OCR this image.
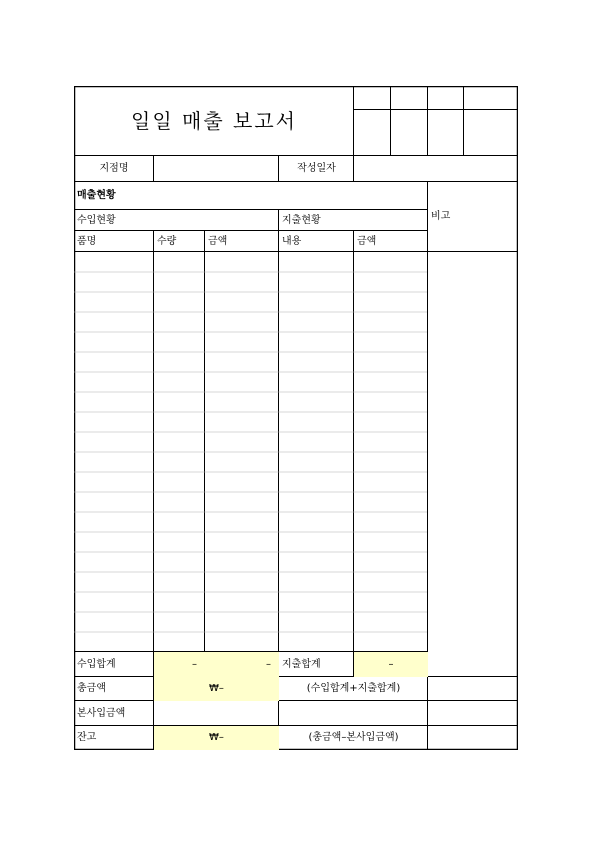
일일 매출 보고서
지점명	작성일자
매출현황
비고
수입현황	지출현황
품명	수량	금액	내용	금액
수입합계	–	–	지출합계	–
총금액	₩–	(수입합계+지출합계)
본사입금액
잔고	₩–	(총금액–본사입금액)
